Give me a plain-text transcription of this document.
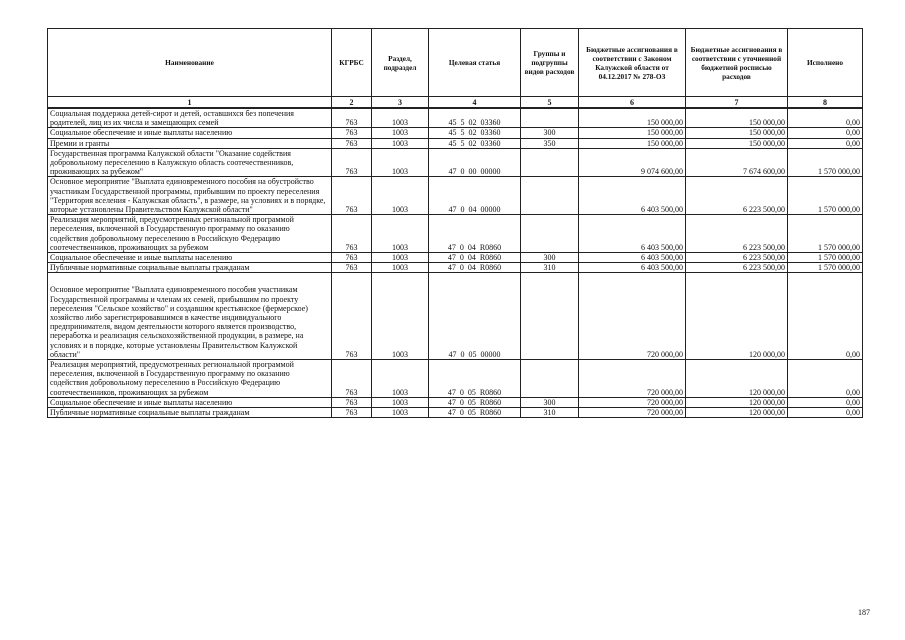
Наименование	КГРБС	Раздел, подраздел	Целевая статья	Группы и подгруппы видов расходов	Бюджетные ассигнования в соответствии с Законом Калужской области от 04.12.2017 № 278-ОЗ	Бюджетные ассигнования в соответствии с уточненной бюджетной росписью расходов	Исполнено
1	2	3	4	5	6	7	8
Социальная поддержка детей-сирот и детей, оставшихся без попечения родителей, лиц из их числа и замещающих семей	763	1003	45  5  02  03360		150 000,00	150 000,00	0,00
Социальное обеспечение и иные выплаты населению	763	1003	45  5  02  03360	300	150 000,00	150 000,00	0,00
Премии и гранты	763	1003	45  5  02  03360	350	150 000,00	150 000,00	0,00
Государственная программа Калужской области "Оказание содействия добровольному переселению в Калужскую область соотечественников, проживающих за рубежом"	763	1003	47  0  00  00000		9 074 600,00	7 674 600,00	1 570 000,00
Основное мероприятие "Выплата единовременного пособия на обустройство участникам Государственной программы, прибывшим по проекту переселения "Территория вселения - Калужская область", в размере, на условиях и в порядке, которые установлены Правительством Калужской области"	763	1003	47  0  04  00000		6 403 500,00	6 223 500,00	1 570 000,00
Реализация мероприятий, предусмотренных региональной программой переселения, включенной в Государственную программу по оказанию содействия добровольному переселению в Российскую Федерацию соотечественников, проживающих за рубежом	763	1003	47  0  04  R0860		6 403 500,00	6 223 500,00	1 570 000,00
Социальное обеспечение и иные выплаты населению	763	1003	47  0  04  R0860	300	6 403 500,00	6 223 500,00	1 570 000,00
Публичные нормативные социальные выплаты гражданам	763	1003	47  0  04  R0860	310	6 403 500,00	6 223 500,00	1 570 000,00
Основное мероприятие "Выплата единовременного пособия участникам Государственной программы и членам их семей, прибывшим по проекту переселения "Сельское хозяйство" и создавшим крестьянское (фермерское) хозяйство либо зарегистрировавшимся в качестве индивидуального предпринимателя, видом деятельности которого является производство, переработка и реализация сельскохозяйственной продукции, в размере, на условиях и в порядке, которые установлены Правительством Калужской области"	763	1003	47  0  05  00000		720 000,00	120 000,00	0,00
Реализация мероприятий, предусмотренных региональной программой переселения, включенной в Государственную программу по оказанию содействия добровольному переселению в Российскую Федерацию соотечественников, проживающих за рубежом	763	1003	47  0  05  R0860		720 000,00	120 000,00	0,00
Социальное обеспечение и иные выплаты населению	763	1003	47  0  05  R0860	300	720 000,00	120 000,00	0,00
Публичные нормативные социальные выплаты гражданам	763	1003	47  0  05  R0860	310	720 000,00	120 000,00	0,00
187
